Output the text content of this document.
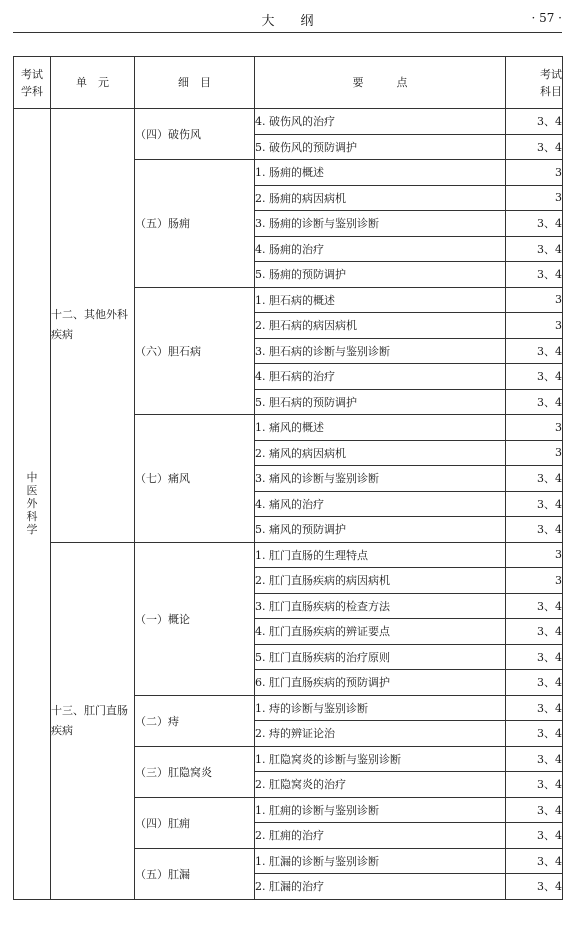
大纲	· 57 ·
考试
学科	单　元	细　目	要　　　点	考试
科目
中医外科学	十二、其他外科疾病	（四）破伤风	4. 破伤风的治疗	3、4
			5. 破伤风的预防调护	3、4
		（五）肠痈	1. 肠痈的概述	3
			2. 肠痈的病因病机	3
			3. 肠痈的诊断与鉴别诊断	3、4
			4. 肠痈的治疗	3、4
			5. 肠痈的预防调护	3、4
		（六）胆石病	1. 胆石病的概述	3
			2. 胆石病的病因病机	3
			3. 胆石病的诊断与鉴别诊断	3、4
			4. 胆石病的治疗	3、4
			5. 胆石病的预防调护	3、4
		（七）痛风	1. 痛风的概述	3
			2. 痛风的病因病机	3
			3. 痛风的诊断与鉴别诊断	3、4
			4. 痛风的治疗	3、4
			5. 痛风的预防调护	3、4
	十三、肛门直肠疾病	（一）概论	1. 肛门直肠的生理特点	3
			2. 肛门直肠疾病的病因病机	3
			3. 肛门直肠疾病的检查方法	3、4
			4. 肛门直肠疾病的辨证要点	3、4
			5. 肛门直肠疾病的治疗原则	3、4
			6. 肛门直肠疾病的预防调护	3、4
		（二）痔	1. 痔的诊断与鉴别诊断	3、4
			2. 痔的辨证论治	3、4
		（三）肛隐窝炎	1. 肛隐窝炎的诊断与鉴别诊断	3、4
			2. 肛隐窝炎的治疗	3、4
		（四）肛痈	1. 肛痈的诊断与鉴别诊断	3、4
			2. 肛痈的治疗	3、4
		（五）肛漏	1. 肛漏的诊断与鉴别诊断	3、4
			2. 肛漏的治疗	3、4
